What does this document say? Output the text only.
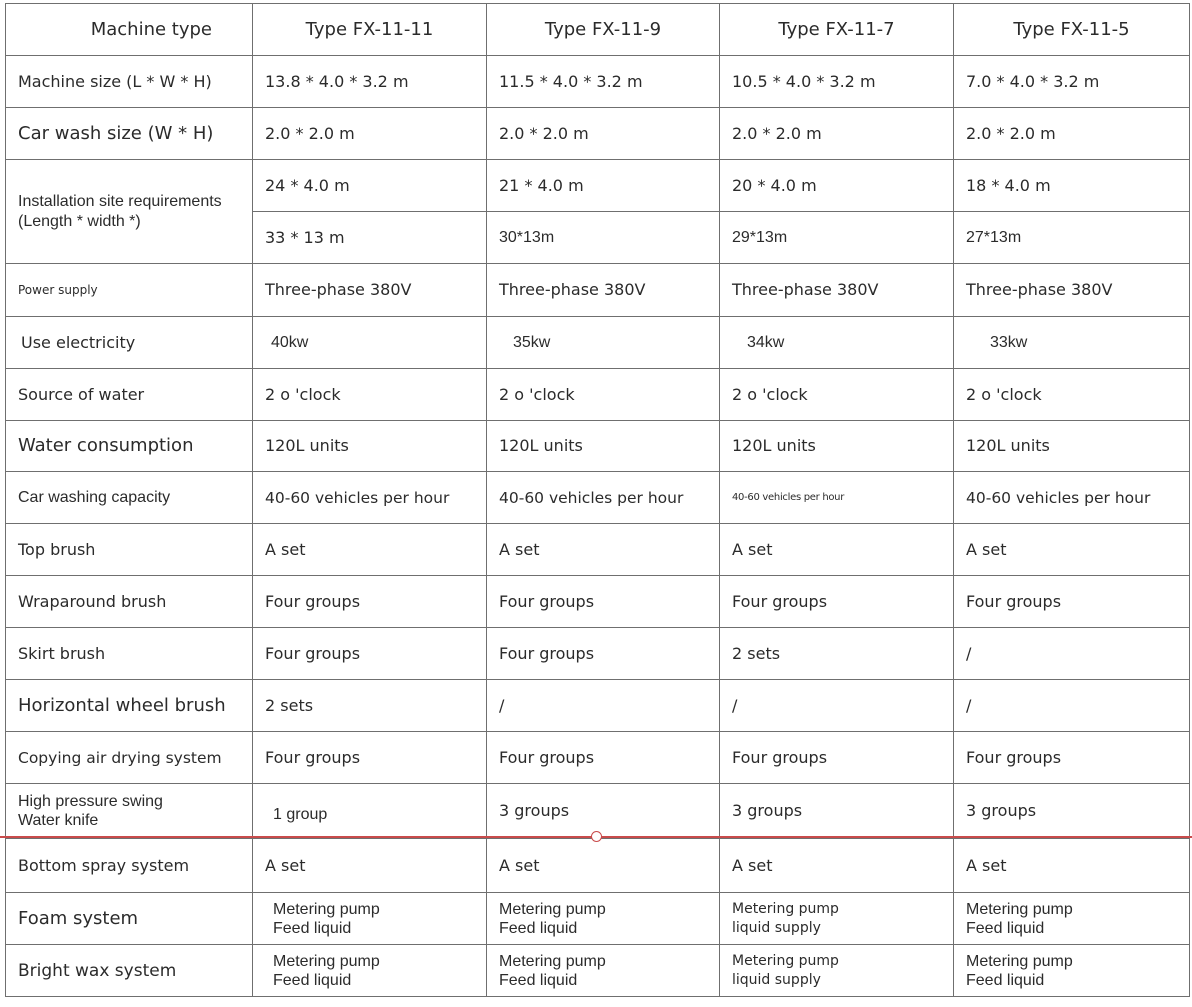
Machine type	Type FX-11-11	Type FX-11-9	Type FX-11-7	Type FX-11-5
Machine size (L * W * H)	13.8 * 4.0 * 3.2 m	11.5 * 4.0 * 3.2 m	10.5 * 4.0 * 3.2 m	7.0 * 4.0 * 3.2 m
Car wash size (W * H)	2.0 * 2.0 m	2.0 * 2.0 m	2.0 * 2.0 m	2.0 * 2.0 m
Installation site requirements (Length * width *)	24 * 4.0 m	21 * 4.0 m	20 * 4.0 m	18 * 4.0 m
	33 * 13 m	30*13m	29*13m	27*13m
Power supply	Three-phase 380V	Three-phase 380V	Three-phase 380V	Three-phase 380V
Use electricity	40kw	35kw	34kw	33kw
Source of water	2 o 'clock	2 o 'clock	2 o 'clock	2 o 'clock
Water consumption	120L units	120L units	120L units	120L units
Car washing capacity	40-60 vehicles per hour	40-60 vehicles per hour	40-60 vehicles per hour	40-60 vehicles per hour
Top brush	A set	A set	A set	A set
Wraparound brush	Four groups	Four groups	Four groups	Four groups
Skirt brush	Four groups	Four groups	2 sets	/
Horizontal wheel brush	2 sets	/	/	/
Copying air drying system	Four groups	Four groups	Four groups	Four groups
High pressure swing Water knife	1 group	3 groups	3 groups	3 groups
Bottom spray system	A set	A set	A set	A set
Foam system	Metering pump Feed liquid	Metering pump Feed liquid	Metering pump liquid supply	Metering pump Feed liquid
Bright wax system	Metering pump Feed liquid	Metering pump Feed liquid	Metering pump liquid supply	Metering pump Feed liquid
